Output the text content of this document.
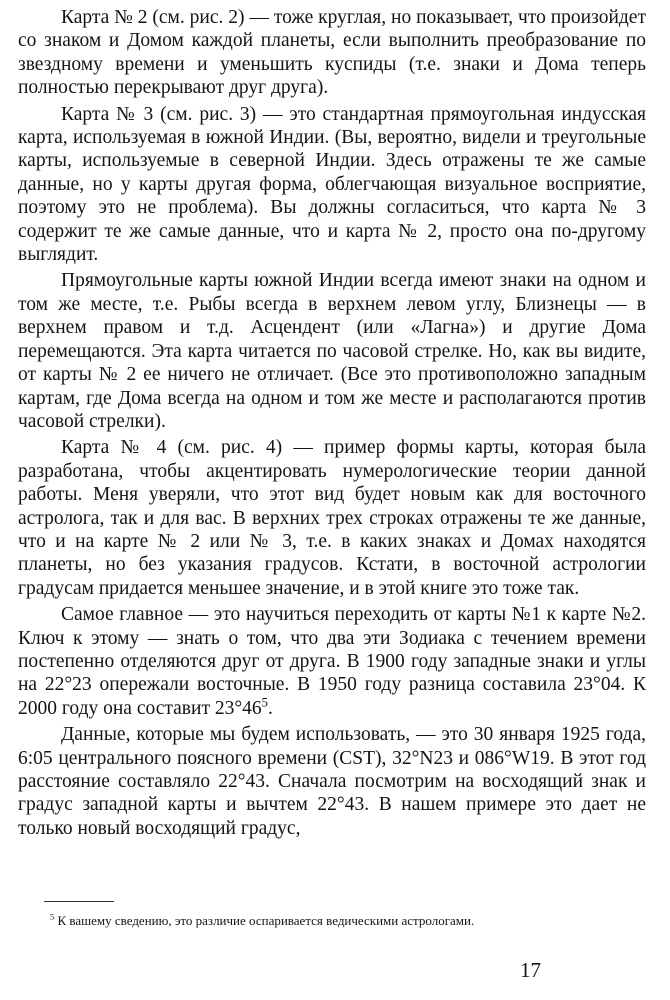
Карта № 2 (см. рис. 2) — тоже круглая, но показывает, что произойдет со знаком и Домом каждой планеты, если выполнить преобразование по звездному времени и уменьшить куспиды (т.е. знаки и Дома теперь полностью перекрывают друг друга).

Карта № 3 (см. рис. 3) — это стандартная прямоугольная индусская карта, используемая в южной Индии. (Вы, вероятно, видели и треугольные карты, используемые в северной Индии. Здесь отражены те же самые данные, но у карты другая форма, облегчающая визуальное восприятие, поэтому это не проблема). Вы должны согласиться, что карта № 3 содержит те же самые данные, что и карта № 2, просто она по-другому выглядит.

Прямоугольные карты южной Индии всегда имеют знаки на одном и том же месте, т.е. Рыбы всегда в верхнем левом углу, Близнецы — в верхнем правом и т.д. Асцендент (или «Лагна») и другие Дома перемещаются. Эта карта читается по часовой стрелке. Но, как вы видите, от карты № 2 ее ничего не отличает. (Все это противоположно западным картам, где Дома всегда на одном и том же месте и располагаются против часовой стрелки).

Карта № 4 (см. рис. 4) — пример формы карты, которая была разработана, чтобы акцентировать нумерологические теории данной работы. Меня уверяли, что этот вид будет новым как для восточного астролога, так и для вас. В верхних трех строках отражены те же данные, что и на карте № 2 или № 3, т.е. в каких знаках и Домах находятся планеты, но без указания градусов. Кстати, в восточной астрологии градусам придается меньшее значение, и в этой книге это тоже так.

Самое главное — это научиться переходить от карты №1 к карте №2. Ключ к этому — знать о том, что два эти Зодиака с течением времени постепенно отделяются друг от друга. В 1900 году западные знаки и углы на 22°23 опережали восточные. В 1950 году разница составила 23°04. К 2000 году она составит $23^\circ 46^5$.

Данные, которые мы будем использовать, — это 30 января 1925 года, 6:05 центрального поясного времени (CST), 32°N23 и 086°W19. В этот год расстояние составляло 22°43. Сначала посмотрим на восходящий знак и градус западной карты и вычтем 22°43. В нашем примере это дает не только новый восходящий градус,

$^5$ К вашему сведению, это различие оспаривается ведическими астрологами.

17
